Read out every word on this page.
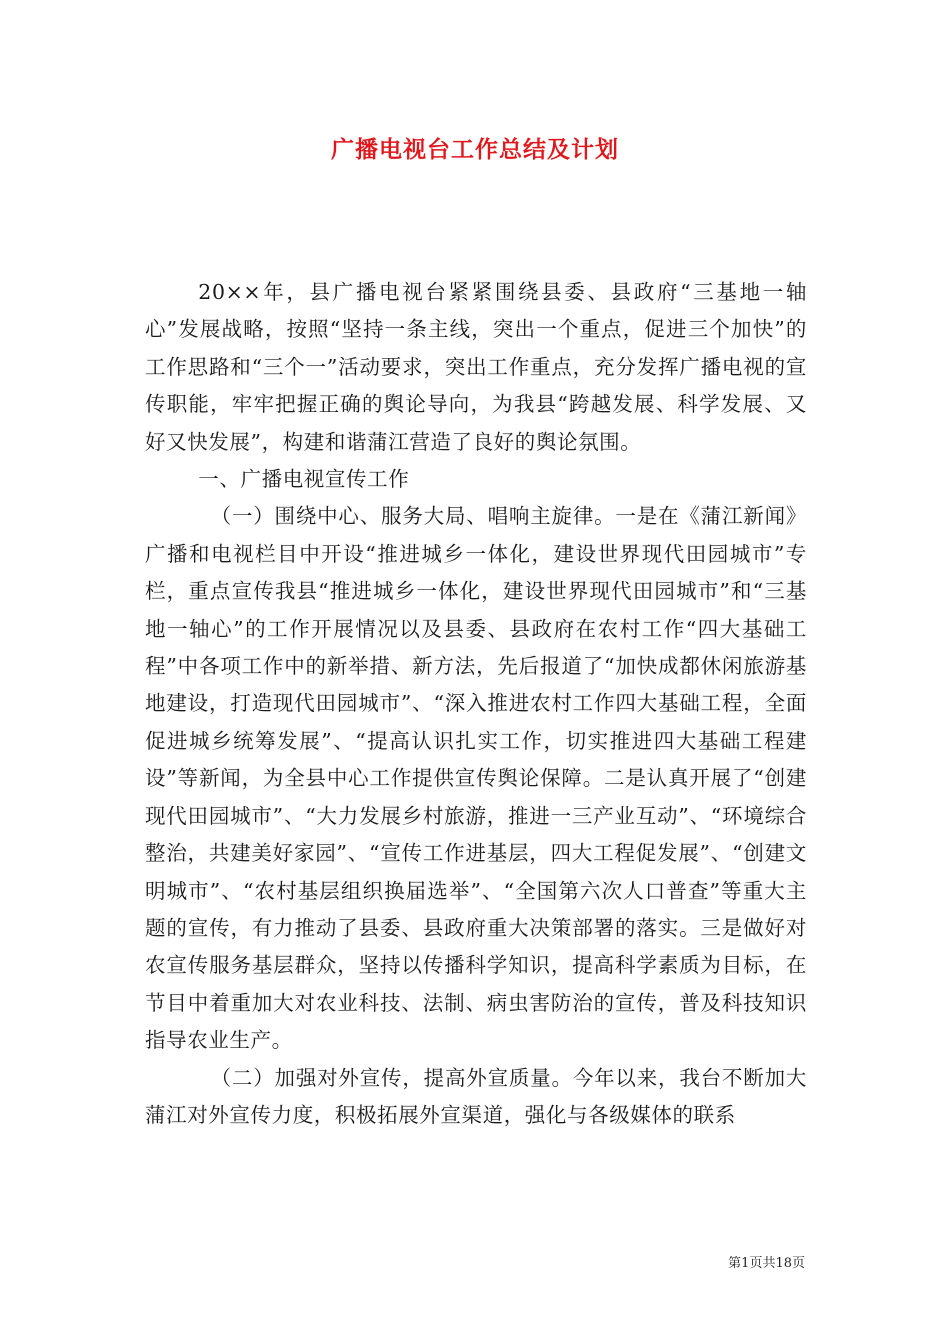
广播电视台工作总结及计划

20××年，县广播电视台紧紧围绕县委、县政府“三基地一轴心”发展战略，按照“坚持一条主线，突出一个重点，促进三个加快”的工作思路和“三个一”活动要求，突出工作重点，充分发挥广播电视的宣传职能，牢牢把握正确的舆论导向，为我县“跨越发展、科学发展、又好又快发展”，构建和谐蒲江营造了良好的舆论氛围。

一、广播电视宣传工作

（一）围绕中心、服务大局、唱响主旋律。一是在《蒲江新闻》广播和电视栏目中开设“推进城乡一体化，建设世界现代田园城市”专栏，重点宣传我县“推进城乡一体化，建设世界现代田园城市”和“三基地一轴心”的工作开展情况以及县委、县政府在农村工作“四大基础工程”中各项工作中的新举措、新方法，先后报道了“加快成都休闲旅游基地建设，打造现代田园城市”、“深入推进农村工作四大基础工程，全面促进城乡统筹发展”、“提高认识扎实工作，切实推进四大基础工程建设”等新闻，为全县中心工作提供宣传舆论保障。二是认真开展了“创建现代田园城市”、“大力发展乡村旅游，推进一三产业互动”、“环境综合整治，共建美好家园”、“宣传工作进基层，四大工程促发展”、“创建文明城市”、“农村基层组织换届选举”、“全国第六次人口普查”等重大主题的宣传，有力推动了县委、县政府重大决策部署的落实。三是做好对农宣传服务基层群众，坚持以传播科学知识，提高科学素质为目标，在节目中着重加大对农业科技、法制、病虫害防治的宣传，普及科技知识指导农业生产。

（二）加强对外宣传，提高外宣质量。今年以来，我台不断加大蒲江对外宣传力度，积极拓展外宣渠道，强化与各级媒体的联系

第1页共18页
